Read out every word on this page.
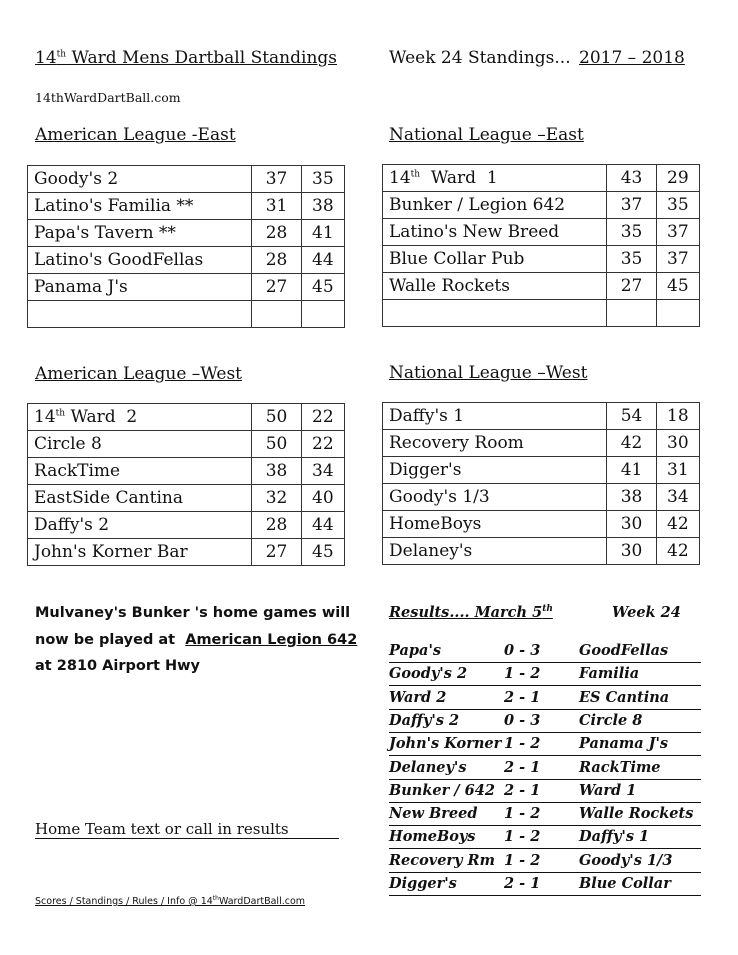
14th Ward Mens Dartball Standings	Week 24 Standings... 2017 – 2018
14thWardDartBall.com
American League -East	National League –East
American League –West	National League –West
Goody's 2	37	35
Latino's Familia **	31	38
Papa's Tavern **	28	41
Latino's GoodFellas	28	44
Panama J's	27	45

14th  Ward  1	43	29
Bunker / Legion 642	37	35
Latino's New Breed	35	37
Blue Collar Pub	35	37
Walle Rockets	27	45

14th Ward  2	50	22
Circle 8	50	22
RackTime	38	34
EastSide Cantina	32	40
Daffy's 2	28	44
John's Korner Bar	27	45
Daffy's 1	54	18
Recovery Room	42	30
Digger's	41	31
Goody's 1/3	38	34
HomeBoys	30	42
Delaney's	30	42
Mulvaney's Bunker 's home games will
now be played at American Legion 642
at 2810 Airport Hwy
Home Team text or call in results
Results.... March 5th	Week 24
Papa's	0 - 3	GoodFellas
Goody's 2	1 - 2	Familia
Ward 2	2 - 1	ES Cantina
Daffy's 2	0 - 3	Circle 8
John's Korner 1 - 2	Panama J's
Delaney's	2 - 1	RackTime
Bunker / 642 2 - 1	Ward 1
New Breed 1 - 2	Walle Rockets
HomeBoys 1 - 2	Daffy's 1
Recovery Rm 1 - 2	Goody's 1/3
Digger's	2 - 1	Blue Collar
Scores / Standings / Rules / Info @ 14thWardDartBall.com
